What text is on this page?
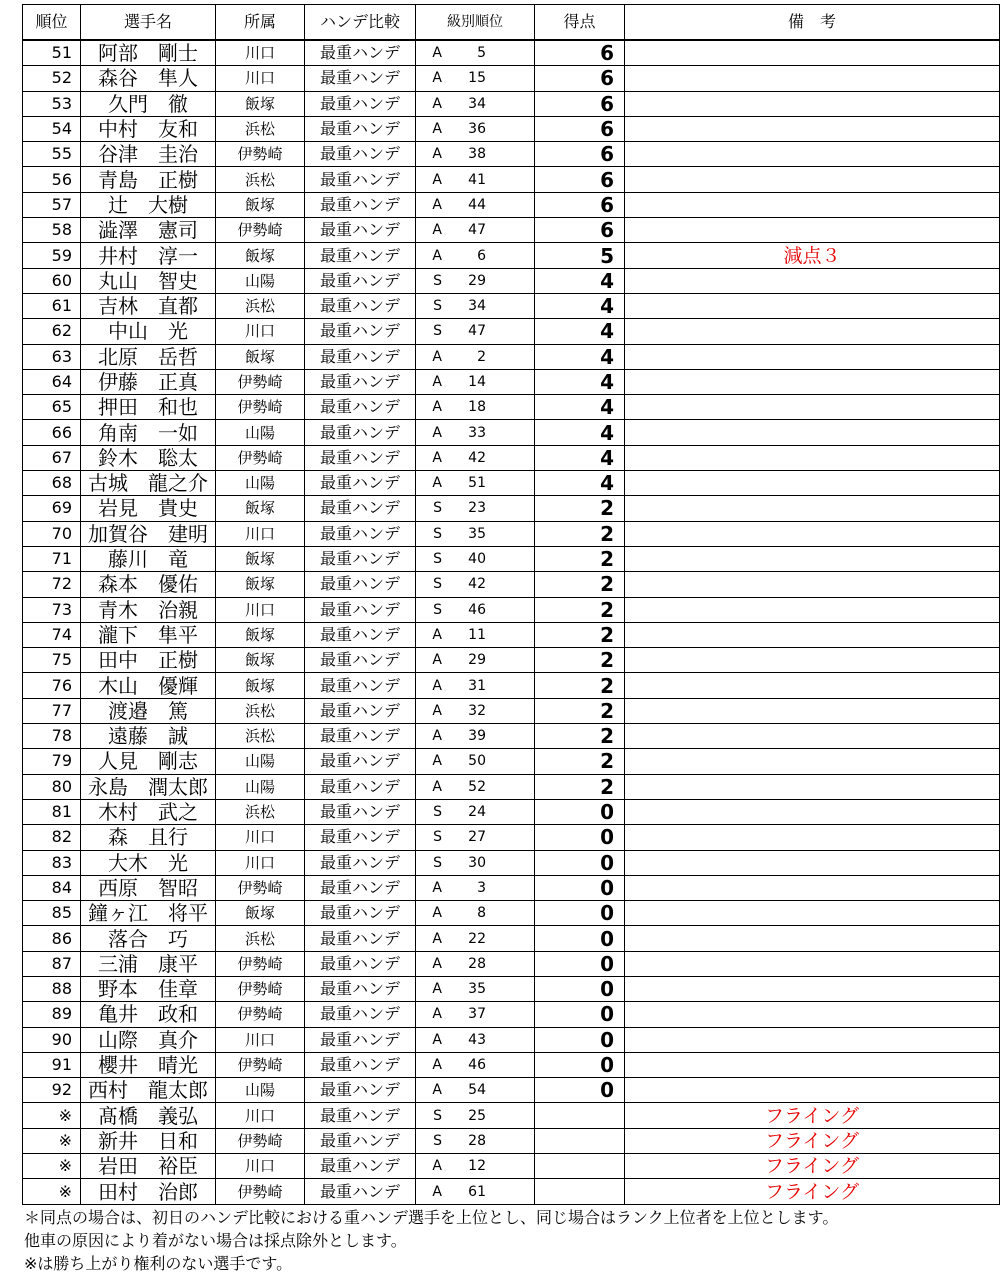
順位	選手名	所属	ハンデ比較	級別順位	得点	備　考
51	阿部　剛士	川口	最重ハンデ	A 5	6	
52	森谷　隼人	川口	最重ハンデ	A 15	6	
53	久門　徹	飯塚	最重ハンデ	A 34	6	
54	中村　友和	浜松	最重ハンデ	A 36	6	
55	谷津　圭治	伊勢崎	最重ハンデ	A 38	6	
56	青島　正樹	浜松	最重ハンデ	A 41	6	
57	辻　大樹	飯塚	最重ハンデ	A 44	6	
58	澁澤　憲司	伊勢崎	最重ハンデ	A 47	6	
59	井村　淳一	飯塚	最重ハンデ	A 6	5	減点３
60	丸山　智史	山陽	最重ハンデ	S 29	4	
61	吉林　直都	浜松	最重ハンデ	S 34	4	
62	中山　光	川口	最重ハンデ	S 47	4	
63	北原　岳哲	飯塚	最重ハンデ	A 2	4	
64	伊藤　正真	伊勢崎	最重ハンデ	A 14	4	
65	押田　和也	伊勢崎	最重ハンデ	A 18	4	
66	角南　一如	山陽	最重ハンデ	A 33	4	
67	鈴木　聡太	伊勢崎	最重ハンデ	A 42	4	
68	古城　龍之介	山陽	最重ハンデ	A 51	4	
69	岩見　貴史	飯塚	最重ハンデ	S 23	2	
70	加賀谷　建明	川口	最重ハンデ	S 35	2	
71	藤川　竜	飯塚	最重ハンデ	S 40	2	
72	森本　優佑	飯塚	最重ハンデ	S 42	2	
73	青木　治親	川口	最重ハンデ	S 46	2	
74	瀧下　隼平	飯塚	最重ハンデ	A 11	2	
75	田中　正樹	飯塚	最重ハンデ	A 29	2	
76	木山　優輝	飯塚	最重ハンデ	A 31	2	
77	渡邉　篤	浜松	最重ハンデ	A 32	2	
78	遠藤　誠	浜松	最重ハンデ	A 39	2	
79	人見　剛志	山陽	最重ハンデ	A 50	2	
80	永島　潤太郎	山陽	最重ハンデ	A 52	2	
81	木村　武之	浜松	最重ハンデ	S 24	0	
82	森　且行	川口	最重ハンデ	S 27	0	
83	大木　光	川口	最重ハンデ	S 30	0	
84	西原　智昭	伊勢崎	最重ハンデ	A 3	0	
85	鐘ヶ江　将平	飯塚	最重ハンデ	A 8	0	
86	落合　巧	浜松	最重ハンデ	A 22	0	
87	三浦　康平	伊勢崎	最重ハンデ	A 28	0	
88	野本　佳章	伊勢崎	最重ハンデ	A 35	0	
89	亀井　政和	伊勢崎	最重ハンデ	A 37	0	
90	山際　真介	川口	最重ハンデ	A 43	0	
91	櫻井　晴光	伊勢崎	最重ハンデ	A 46	0	
92	西村　龍太郎	山陽	最重ハンデ	A 54	0	
※	髙橋　義弘	川口	最重ハンデ	S 25		フライング
※	新井　日和	伊勢崎	最重ハンデ	S 28		フライング
※	岩田　裕臣	川口	最重ハンデ	A 12		フライング
※	田村　治郎	伊勢崎	最重ハンデ	A 61		フライング
＊同点の場合は、初日のハンデ比較における重ハンデ選手を上位とし、同じ場合はランク上位者を上位とします。
他車の原因により着がない場合は採点除外とします。
※は勝ち上がり権利のない選手です。
